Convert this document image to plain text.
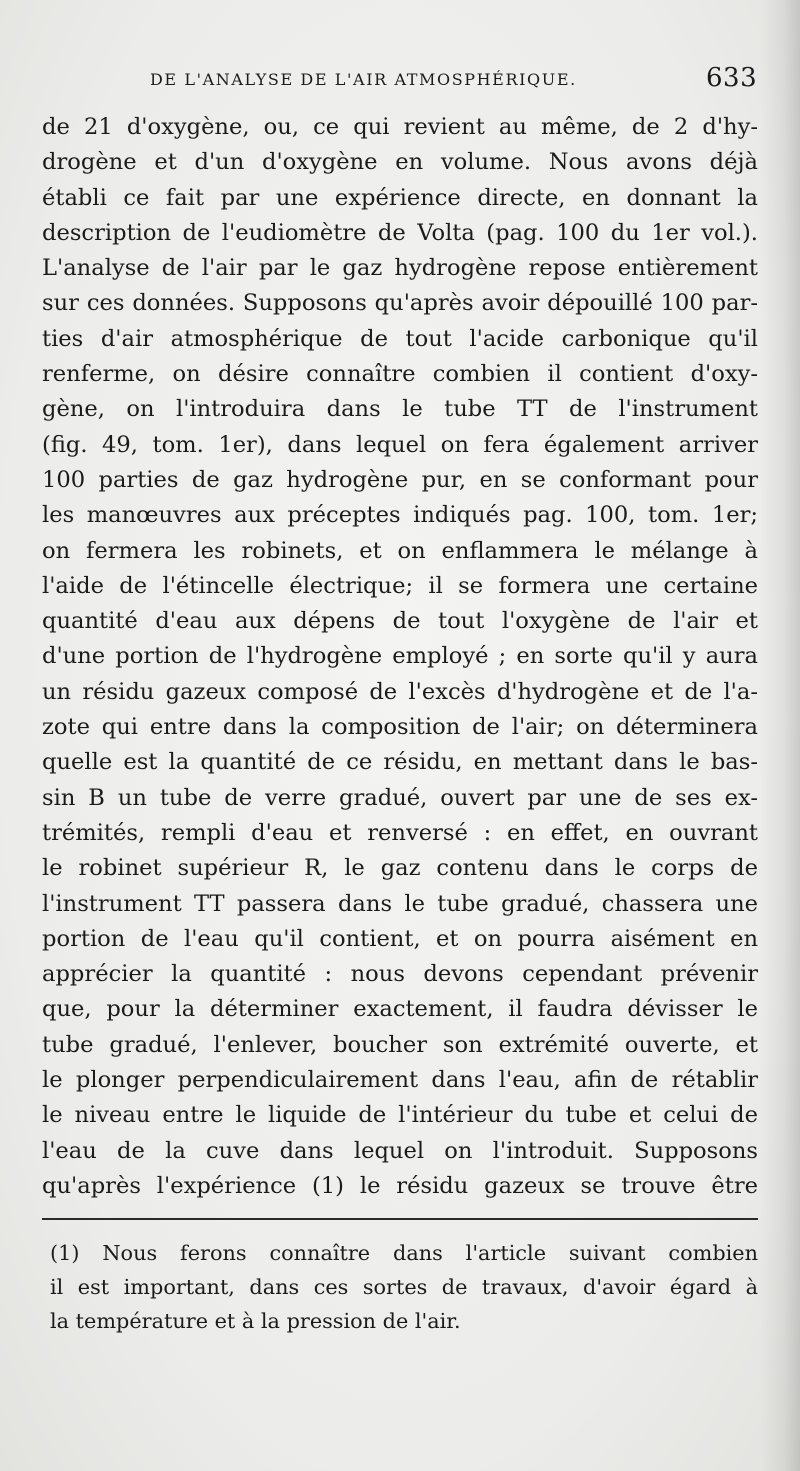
DE L'ANALYSE DE L'AIR ATMOSPHÉRIQUE.	633
de 21 d'oxygène, ou, ce qui revient au même, de 2 d'hy-
drogène et d'un d'oxygène en volume. Nous avons déjà
établi ce fait par une expérience directe, en donnant la
description de l'eudiomètre de Volta (pag. 100 du 1er vol.).
L'analyse de l'air par le gaz hydrogène repose entièrement
sur ces données. Supposons qu'après avoir dépouillé 100 par-
ties d'air atmosphérique de tout l'acide carbonique qu'il
renferme, on désire connaître combien il contient d'oxy-
gène, on l'introduira dans le tube TT de l'instrument
(fig. 49, tom. 1er), dans lequel on fera également arriver
100 parties de gaz hydrogène pur, en se conformant pour
les manœuvres aux préceptes indiqués pag. 100, tom. 1er;
on fermera les robinets, et on enflammera le mélange à
l'aide de l'étincelle électrique; il se formera une certaine
quantité d'eau aux dépens de tout l'oxygène de l'air et
d'une portion de l'hydrogène employé ; en sorte qu'il y aura
un résidu gazeux composé de l'excès d'hydrogène et de l'a-
zote qui entre dans la composition de l'air; on déterminera
quelle est la quantité de ce résidu, en mettant dans le bas-
sin B un tube de verre gradué, ouvert par une de ses ex-
trémités, rempli d'eau et renversé : en effet, en ouvrant
le robinet supérieur R, le gaz contenu dans le corps de
l'instrument TT passera dans le tube gradué, chassera une
portion de l'eau qu'il contient, et on pourra aisément en
apprécier la quantité : nous devons cependant prévenir
que, pour la déterminer exactement, il faudra dévisser le
tube gradué, l'enlever, boucher son extrémité ouverte, et
le plonger perpendiculairement dans l'eau, afin de rétablir
le niveau entre le liquide de l'intérieur du tube et celui de
l'eau de la cuve dans lequel on l'introduit. Supposons
qu'après l'expérience (1) le résidu gazeux se trouve être
(1) Nous ferons connaître dans l'article suivant combien
il est important, dans ces sortes de travaux, d'avoir égard à
la température et à la pression de l'air.
